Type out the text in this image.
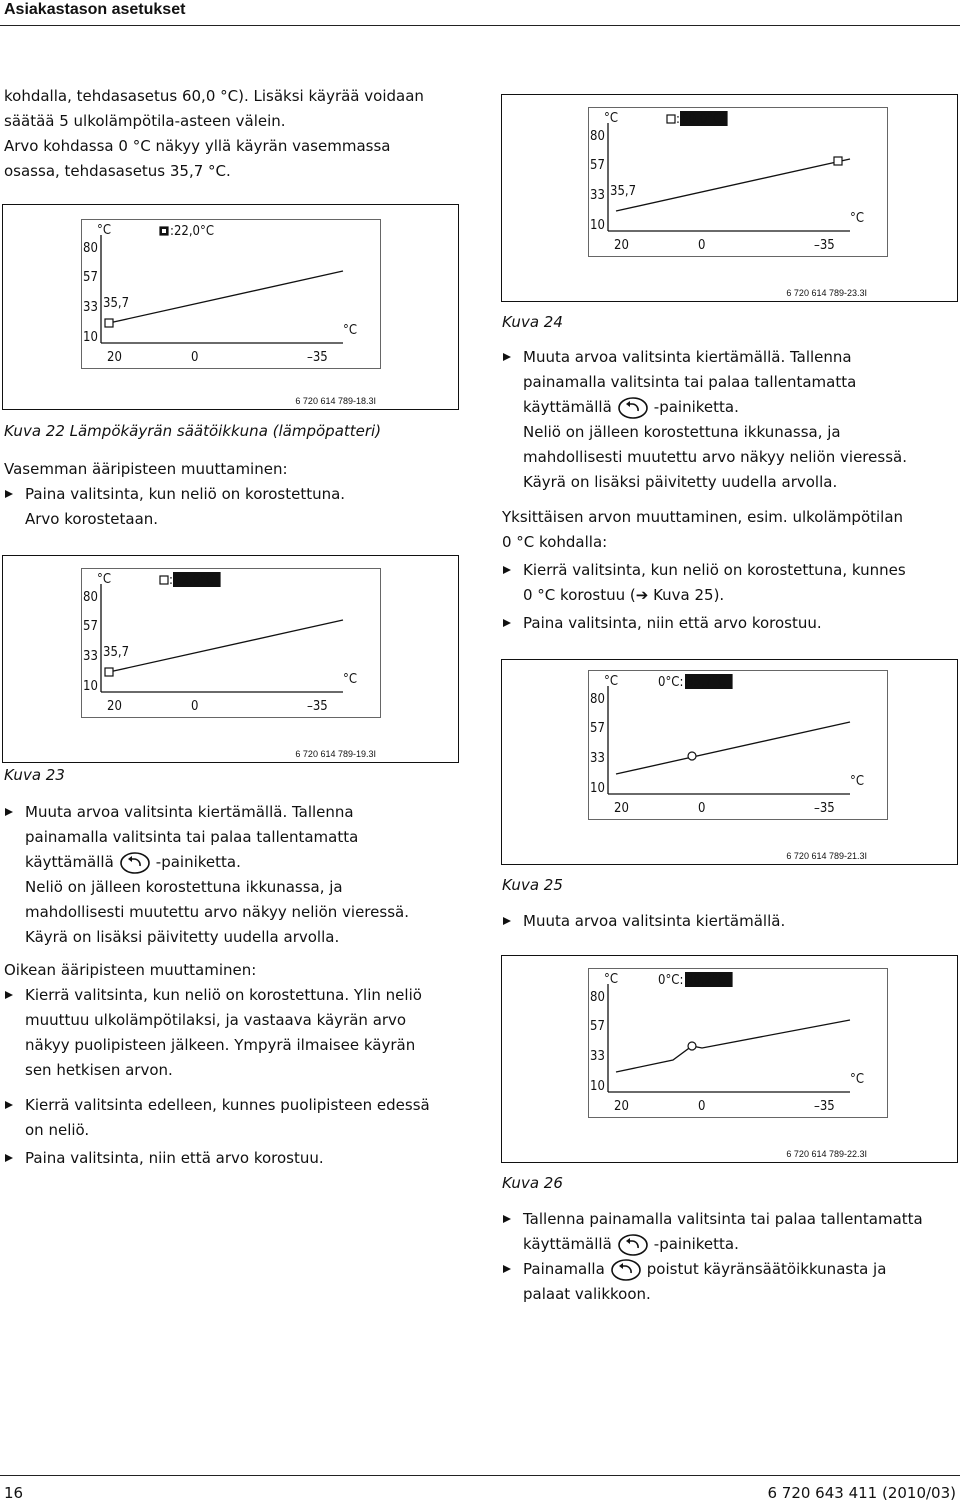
Asiakastason asetukset

kohdalla, tehdasasetus 60,0 °C). Lisäksi käyrää voidaan

säätää 5 ulkolämpötila-asteen välein.

Arvo kohdassa 0 °C näkyy yllä käyrän vasemmassa

osassa, tehdasasetus 35,7 °C.

°C
°C
80
57
33
10
20	0	–35
:22,0°C
35,7
6 720 614 789-18.3I
Kuva 22 Lämpökäyrän säätöikkuna (lämpöpatteri)
°C
°C
80
57
33
10
20	0	–35
: 22,0°C
35,7
6 720 614 789-19.3I
Kuva 23
°C
°C
80
57
33
10
20	0	–35
: 60,0°C
35,7
6 720 614 789-23.3I
Kuva 24
°C
°C
80
57
33
10
20	0	–35
0°C: 35,7°C
6 720 614 789-21.3I
Kuva 25
°C
°C
80
57
33
10
20	0	–35
0°C: 40,2°C
6 720 614 789-22.3I
Kuva 26

Vasemman ääripisteen muuttaminen:

Paina valitsinta, kun neliö on korostettuna.

Arvo korostetaan.

Muuta arvoa valitsinta kiertämällä. Tallenna

painamalla valitsinta tai palaa tallentamatta

käyttämällä	-painiketta.

Neliö on jälleen korostettuna ikkunassa, ja

mahdollisesti muutettu arvo näkyy neliön vieressä.

Käyrä on lisäksi päivitetty uudella arvolla.

Oikean ääripisteen muuttaminen:

Kierrä valitsinta, kun neliö on korostettuna. Ylin neliö

muuttuu ulkolämpötilaksi, ja vastaava käyrän arvo

näkyy puolipisteen jälkeen. Ympyrä ilmaisee käyrän

sen hetkisen arvon.

Kierrä valitsinta edelleen, kunnes puolipisteen edessä

on neliö.

Paina valitsinta, niin että arvo korostuu.

Muuta arvoa valitsinta kiertämällä. Tallenna

painamalla valitsinta tai palaa tallentamatta

käyttämällä	-painiketta.

Neliö on jälleen korostettuna ikkunassa, ja

mahdollisesti muutettu arvo näkyy neliön vieressä.

Käyrä on lisäksi päivitetty uudella arvolla.

Yksittäisen arvon muuttaminen, esim. ulkolämpötilan

0 °C kohdalla:

Kierrä valitsinta, kun neliö on korostettuna, kunnes

0 °C korostuu (➔ Kuva 25).

Paina valitsinta, niin että arvo korostuu.

Muuta arvoa valitsinta kiertämällä.

Tallenna painamalla valitsinta tai palaa tallentamatta

käyttämällä	-painiketta.

Painamalla	poistut käyränsäätöikkunasta ja

palaat valikkoon.

16	6 720 643 411 (2010/03)
